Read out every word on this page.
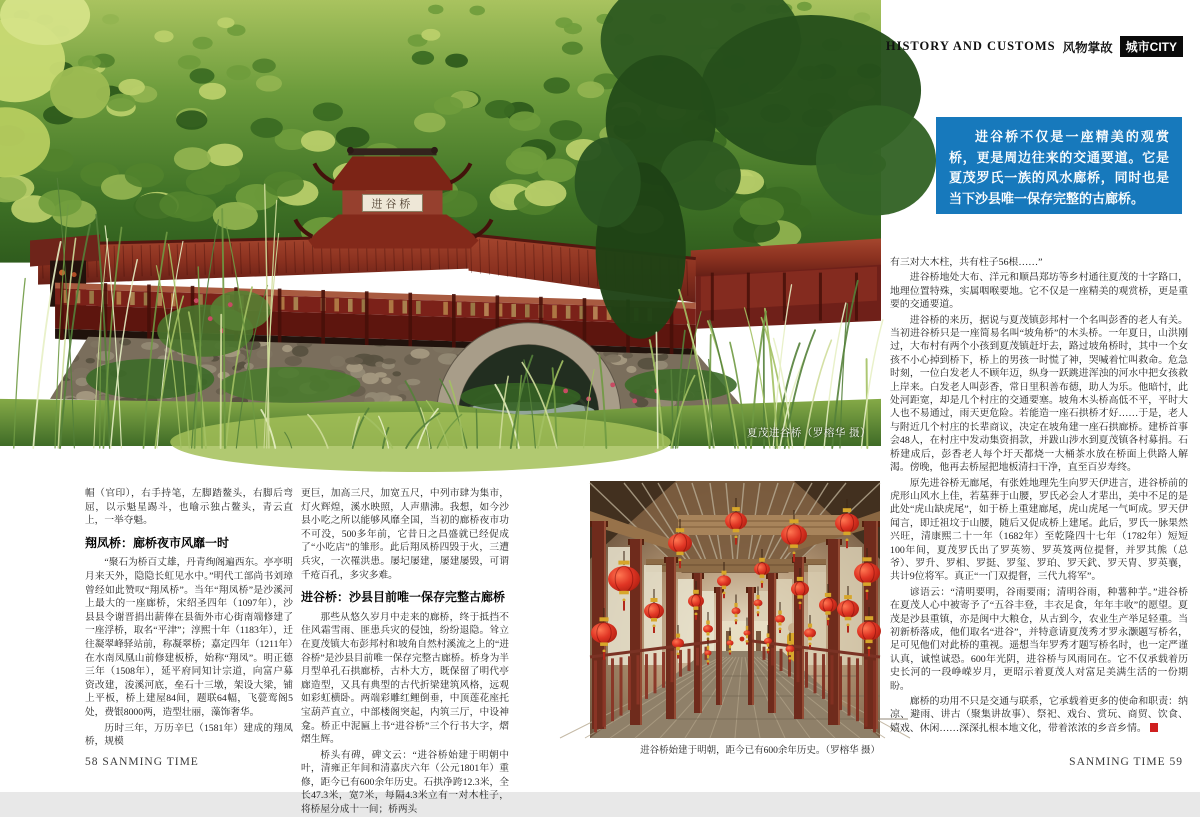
进谷桥
夏茂进谷桥（罗榕华 摄）
HISTORY AND CUSTOMS 风物掌故	城市CITY

进谷桥不仅是一座精美的观赏桥，更是周边往来的交通要道。它是夏茂罗氏一族的风水廊桥，同时也是当下沙县唯一保存完整的古廊桥。

帽（官印），右手持笔，左脚踏鳌头，右脚后弯屈，以示魁星踢斗，也喻示独占鳌头，青云直上，一举夺魁。

翔凤桥：廊桥夜市风靡一时

“聚石为桥百丈雄，丹青绚阁遍西东。亭亭明月来天外，隐隐长虹见水中。”明代工部尚书刘璋曾经如此赞叹“翔凤桥”。当年“翔凤桥”是沙溪河上最大的一座廊桥，宋绍圣四年（1097年），沙县县令谢晋捐出薪俸在县衙外市心街南端修建了一座浮桥，取名“平津”；淳熙十年（1183年），迁往凝翠峰驿站前，称凝翠桥；嘉定四年（1211年）在水南凤凰山前修建板桥，始称“翔凤”。明正德三年（1508年），延平府同知计宗道，向富户募资改建，浚溪河底，垒石十三墩，架设大梁，铺上平板，桥上建屋84间，题联64幅，飞甍鸾阁5处，费银8000两，造型壮丽，藻饰奢华。

历时三年，万历辛巳（1581年）建成的翔凤桥，规模

更巨，加高三尺，加宽五尺，中列市肆为集市，灯火辉煌，溪水映照，人声鼎沸。我想，如今沙县小吃之所以能够风靡全国，当初的廊桥夜市功不可没，500多年前，它昔日之昌盛就已经促成了“小吃店”的雏形。此后翔凤桥四毁于火，三遭兵灾，一次罹洪患。屡圮屡建，屡建屡毁，可谓千疮百孔，多灾多难。

进谷桥：沙县目前唯一保存完整古廊桥

那些从悠久岁月中走来的廊桥，终于抵挡不住风霜雪雨、匪患兵灾的侵蚀，纷纷退隐。耸立在夏茂镇大布彭邦村和坡角自然村溪流之上的“进谷桥”是沙县目前唯一保存完整古廊桥。桥身为半月型单孔石拱廊桥，古朴大方，既保留了明代亭廊造型，又具有典型的古代折梁建筑风格，远观如彩虹横卧。两端彩雕红鲤倒垂，中顶莲花座托宝葫芦直立，中部楼阁突起，内筑三厅，中设神龛。桥正中泥匾上书“进谷桥”三个行书大字，熠熠生辉。

桥头有碑，碑文云：“进谷桥始建于明朝中叶，清雍正年间和清嘉庆六年（公元1801年）重修，距今已有600余年历史。石拱净跨12.3米，全长47.3米，宽7米，每隔4.3米立有一对木柱子，将桥屋分成十一间；桥两头

进谷桥始建于明朝，距今已有600余年历史。（罗榕华 摄）

有三对大木柱，共有柱子56根……”

进谷桥地处大布、洋元和顺昌郑坊等乡村通往夏茂的十字路口，地理位置特殊，实属咽喉要地。它不仅是一座精美的观赏桥，更是重要的交通要道。

进谷桥的来历，据说与夏茂镇彭邦村一个名叫彭香的老人有关。当初进谷桥只是一座简易名叫“坡角桥”的木头桥。一年夏日，山洪刚过，大布村有两个小孩到夏茂镇赶圩去，路过坡角桥时，其中一个女孩不小心掉到桥下，桥上的男孩一时慌了神，哭喊着忙叫救命。危急时刻，一位白发老人不顾年迈，纵身一跃跳进浑浊的河水中把女孩救上岸来。白发老人叫彭香，常日里积善布德，助人为乐。他暗忖，此处河距宽，却是几个村庄的交通要塞。坡角木头桥高低不平，平时大人也不易通过，雨天更危险。若能造一座石拱桥才好……于是，老人与附近几个村庄的长辈商议，决定在坡角建一座石拱廊桥。建桥首事会48人，在村庄中发动集资捐款，并跋山涉水到夏茂镇各村募捐。石桥建成后，彭香老人每个圩天都烧一大桶茶水放在桥面上供路人解渴。傍晚，他再去桥屋把地板清扫干净，直至百岁寿终。

原先进谷桥无廊尾，有张姓地理先生向罗天伊进言，进谷桥前的虎形山风水上佳，若墓葬于山腰，罗氏必会人才辈出，美中不足的是此处“虎山缺虎尾”，如于桥上重建廊尾，虎山虎尾一气呵成。罗天伊闻言，即迁祖坟于山腰，随后又促成桥上建尾。此后，罗氏一脉果然兴旺，清康熙二十一年（1682年）至乾隆四十七年（1782年）短短100年间，夏茂罗氏出了罗英笏、罗英笈两位提督，并罗其熊（总爷）、罗升、罗相、罗挺、罗玺、罗珀、罗天釴、罗天胄、罗英襄，共计9位将军。真正“一门双提督，三代九将军”。

谚语云：“清明要明，谷雨要雨；清明谷雨，种薯种芋。”进谷桥在夏茂人心中被寄予了“五谷丰登，丰衣足食，年年丰收”的愿望。夏茂是沙县重镇，亦是闽中大粮仓，从古到今，农业生产举足轻重。当初新桥落成，他们取名“进谷”，并特意请夏茂秀才罗永灏题写桥名，足可见他们对此桥的重视。遥想当年罗秀才题写桥名时，也一定严谨认真，诚惶诚恐。600年光阴，进谷桥与风雨同在。它不仅承载着历史长河的一段峥嵘岁月，更昭示着夏茂人对富足美满生活的一份期盼。

廊桥的功用不只是交通与联系，它承载着更多的使命和职责：纳凉、避雨、讲古（聚集讲故事）、祭祀、戏台、赏玩、商贸、饮食、嬉戏、休闲……深深扎根本地文化，带着浓浓的乡音乡情。

58 SANMING TIME	SANMING TIME 59
